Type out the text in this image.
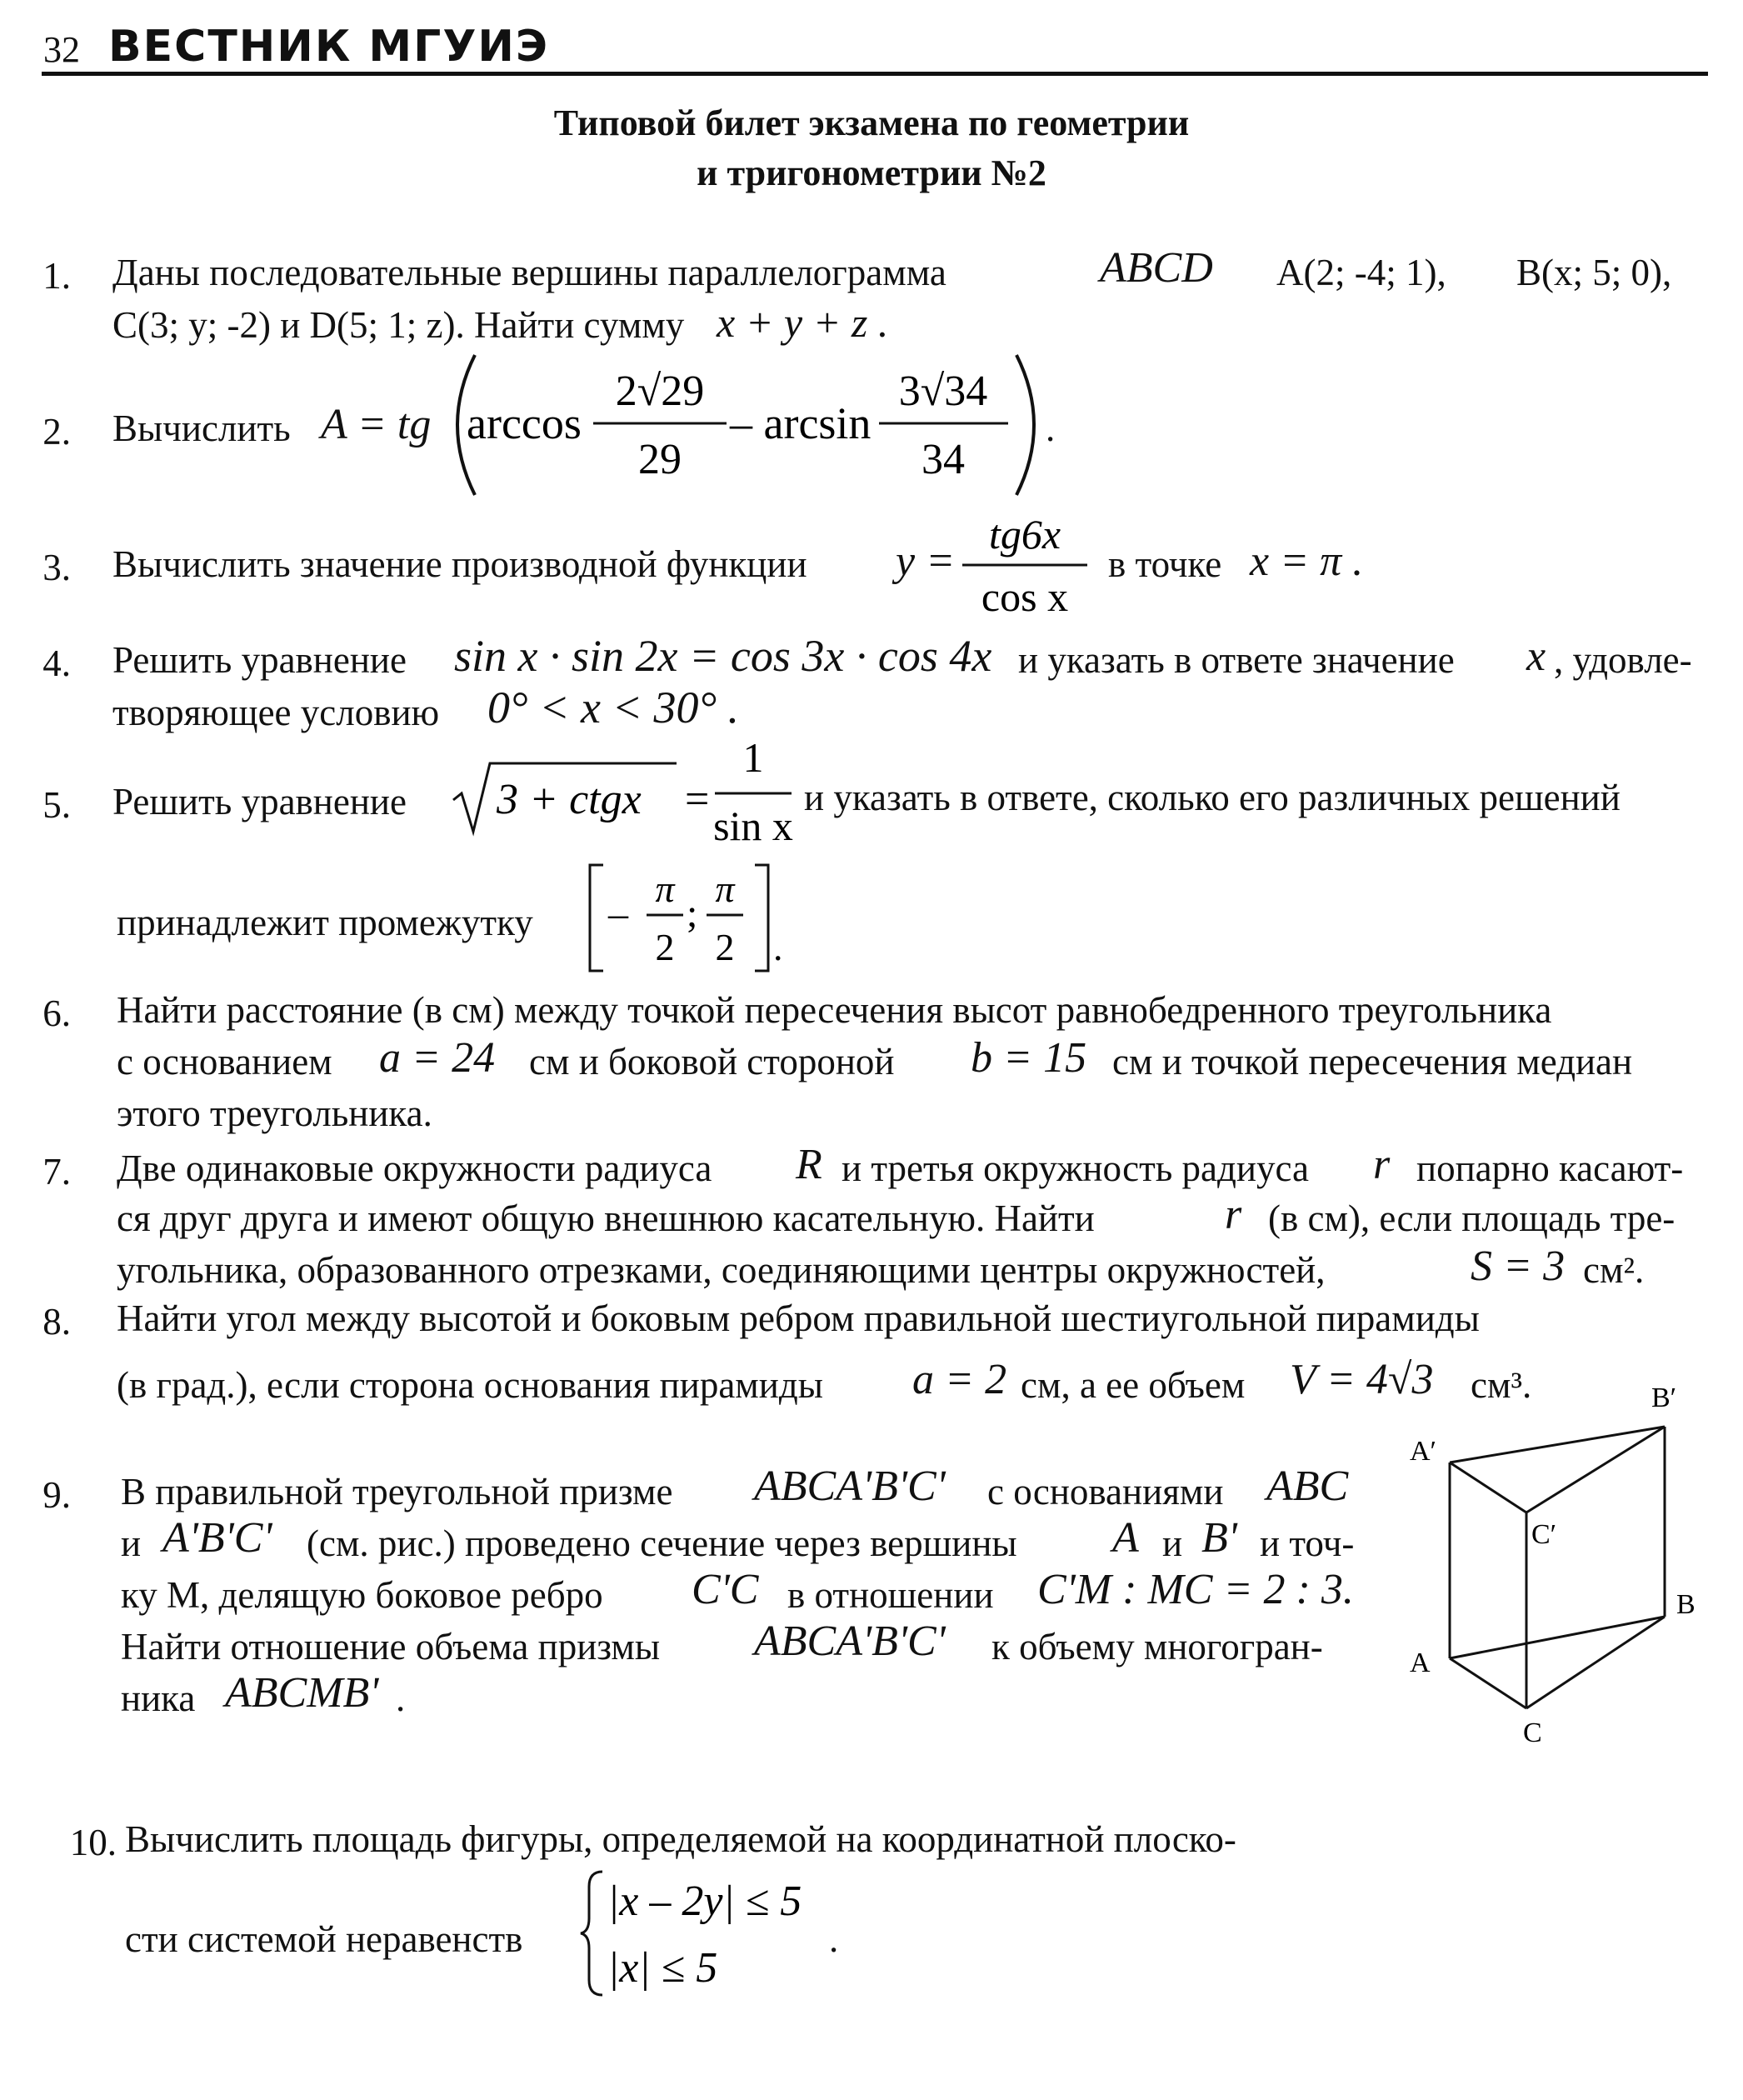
32 ВЕСТНИК МГУИЭ
Типовой билет экзамена по геометрии
и тригонометрии №2
1. Даны последовательные вершины параллелограмма	ABCD A(2; -4; 1), B(x; 5; 0),
C(3; y; -2) и D(5; 1; z). Найти сумму x + y + z .
2. Вычислить A = tg arccos
2√29
29
– arcsin
3√34
34
.
3. Вычислить значение производной функции y =
tg6x
cos x
в точке x = π .
4. Решить уравнение sin x · sin 2x = cos 3x · cos 4x и указать в ответе значение x , удовле-
творяющее условию 0° < x < 30° .
5. Решить уравнение 3 + ctgx =
1
sin x
и указать в ответе, сколько его различных решений
принадлежит промежутку –
π
2
;
π
2 .
6. Найти расстояние (в см) между точкой пересечения высот равнобедренного треугольника
с основанием a = 24 см и боковой стороной b = 15 см и точкой пересечения медиан
этого треугольника.
7. Две одинаковые окружности радиуса R и третья окружность радиуса r попарно касают-
ся друг друга и имеют общую внешнюю касательную. Найти	r (в см), если площадь тре-
угольника, образованного отрезками, соединяющими центры окружностей,	S = 3 см².
8. Найти угол между высотой и боковым ребром правильной шестиугольной пирамиды
(в град.), если сторона основания пирамиды a = 2 см, а ее объем V = 4√3 см³.
9. В правильной треугольной призме ABCA'B'C' с основаниями ABC
и A'B'C' (см. рис.) проведено сечение через вершины A и B' и точ-
ку М, делящую боковое ребро C'C в отношении C'M : MC = 2 : 3.
Найти отношение объема призмы ABCA'B'C' к объему многогран-
ника ABCMB' .
B′
A′
C′
B
A
C
10. Вычислить площадь фигуры, определяемой на координатной плоско-
сти системой неравенств
|x – 2y| ≤ 5
|x| ≤ 5
.
